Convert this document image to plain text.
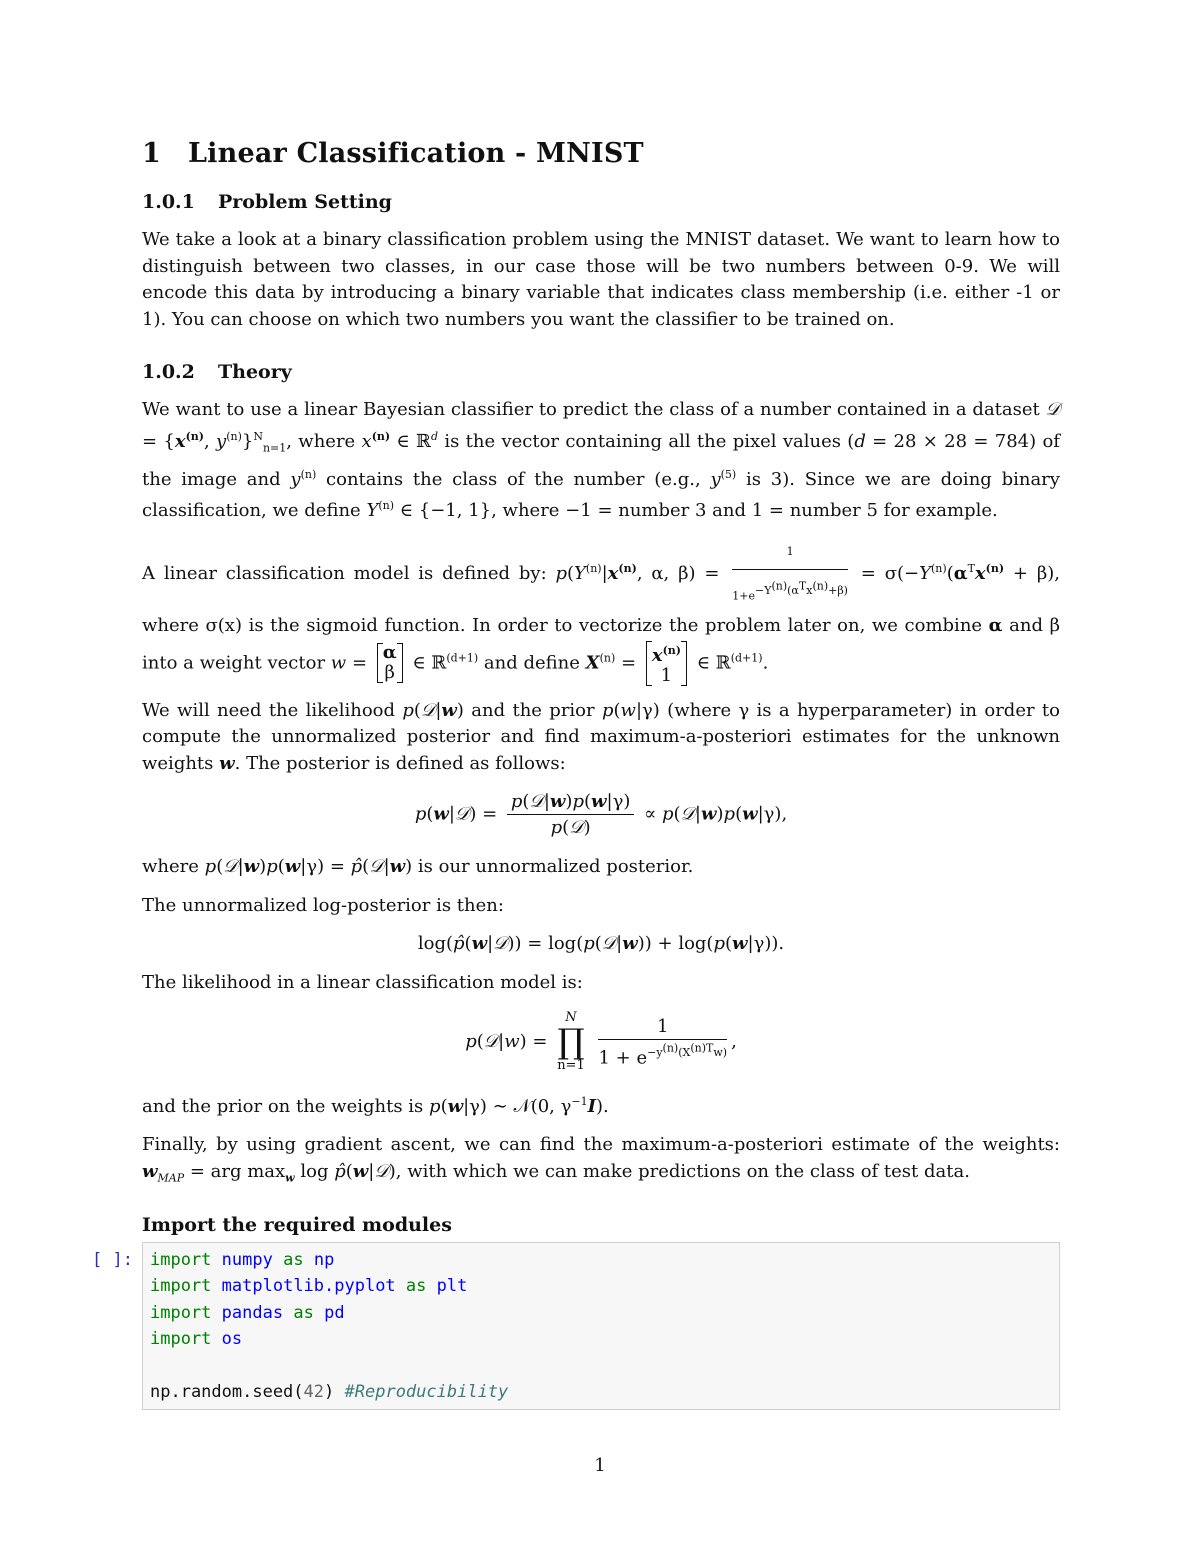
1 Linear Classification - MNIST
1.0.1 Problem Setting

We take a look at a binary classification problem using the MNIST dataset. We want to learn how to distinguish between two classes, in our case those will be two numbers between 0-9. We will encode this data by introducing a binary variable that indicates class membership (i.e. either -1 or 1). You can choose on which two numbers you want the classifier to be trained on.

1.0.2 Theory

We want to use a linear Bayesian classifier to predict the class of a number contained in a dataset 𝒟 = {$x^{(n)}$, $y^{(n)}\}^N_{n=1}$, where $x^{(n)}$ ∈ ℝ$^d$ is the vector containing all the pixel values (d = 28 × 28 = 784) of the image and $y^{(n)}$ contains the class of the number (e.g., $y^{(5)}$ is 3). Since we are doing binary classification, we define $Y^{(n)}$ ∈ {−1, 1}, where −1 = number 3 and 1 = number 5 for example.

A linear classification model is defined by: $p(Y^{(n)}|x^{(n)}$, α, $\beta) = \frac{1}{1+e^{-Y^{(n)}(\alpha^Tx^{(n)}+\beta)}} = \sigma(-Y^{(n)}(\alpha^Tx^{(n)} + \beta)$, where σ(x) is the sigmoid function. In order to vectorize the problem later on, we combine α and β into a weight vector w = α
β ∈ ℝ$^{(d+1)}$ and define $X^{(n)} = x^{(n)}$
1 ∈ ℝ$^{(d+1)}$.

We will need the likelihood p(𝒟|w) and the prior p(w|γ) (where γ is a hyperparameter) in order to compute the unnormalized posterior and find maximum-a-posteriori estimates for the unknown weights w. The posterior is defined as follows:

p(w|𝒟) = $\frac{\text{p(𝒟|w)p(w|γ)}}{\text{p(𝒟)}}$ ∝ p(𝒟|w)p(w|γ),

where p(𝒟|w)p(w|γ) = p̂(𝒟|w) is our unnormalized posterior.

The unnormalized log-posterior is then:

log(p̂(w|𝒟)) = log(p(𝒟|w)) + log(p(w|γ)).

The likelihood in a linear classification model is:

p(𝒟|w) = N
∏
$n=1 \frac{1}{1 + e^{-y^{(n)}(X^{(n)T}w)}}$ ,

and the prior on the weights is p(w|γ) ∼ 𝒩(0, $\gamma^{-1}I$).

Finally, by using gradient ascent, we can find the maximum-a-posteriori estimate of the weights: $w_{MAP}$ = arg $\max_w \log$ p̂(w|𝒟), with which we can make predictions on the class of test data.

Import the required modules
[ ]: import numpy as np
import matplotlib.pyplot as plt
import pandas as pd
import os

np.random.seed(42) #Reproducibility
1
